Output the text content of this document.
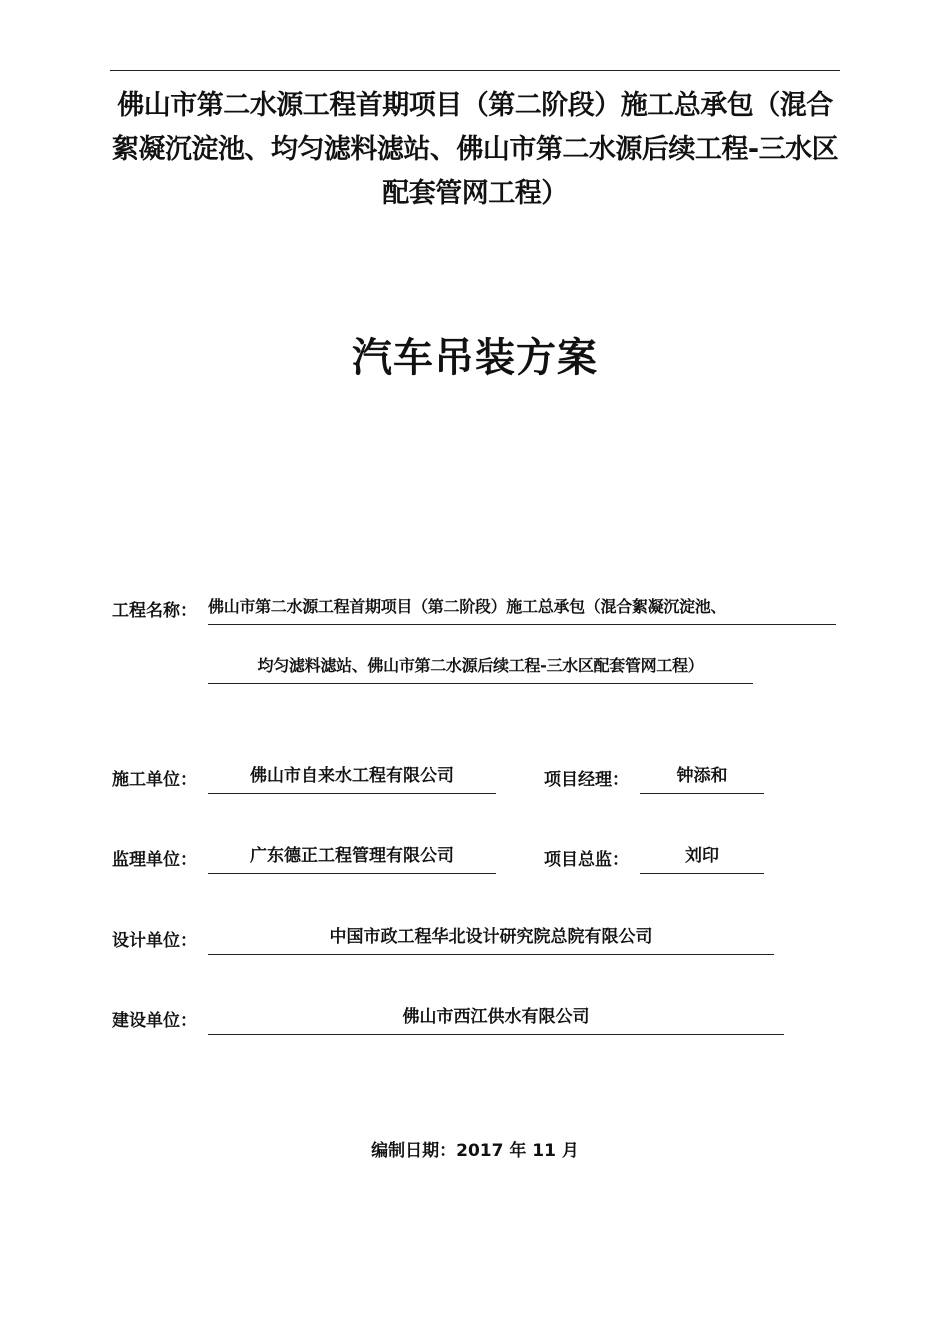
佛山市第二水源工程首期项目（第二阶段）施工总承包（混合絮凝沉淀池、均匀滤料滤站、佛山市第二水源后续工程-三水区配套管网工程）
汽车吊装方案
工程名称： 佛山市第二水源工程首期项目（第二阶段）施工总承包（混合絮凝沉淀池、
均匀滤料滤站、佛山市第二水源后续工程-三水区配套管网工程）
施工单位：	佛山市自来水工程有限公司	项目经理：	钟添和
监理单位：	广东德正工程管理有限公司	项目总监：	刘印
设计单位：	中国市政工程华北设计研究院总院有限公司
建设单位：	佛山市西江供水有限公司
编制日期：2017 年 11 月
